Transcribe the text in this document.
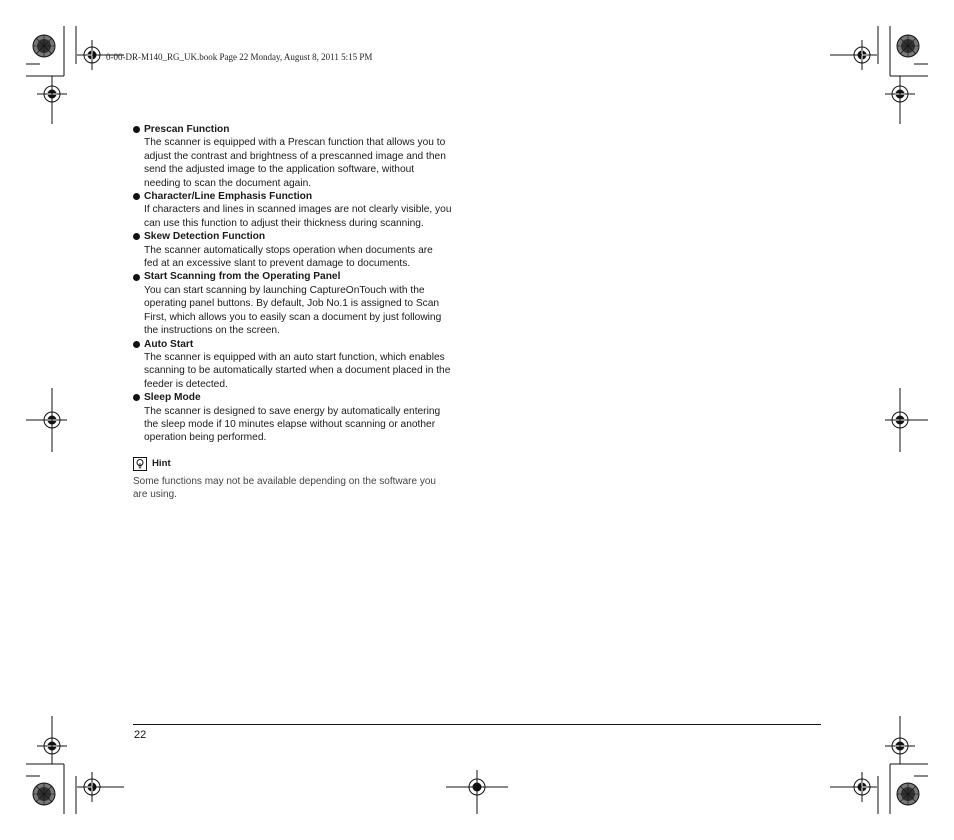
0-00-DR-M140_RG_UK.book Page 22 Monday, August 8, 2011 5:15 PM
Prescan Function
The scanner is equipped with a Prescan function that allows you to
adjust the contrast and brightness of a prescanned image and then
send the adjusted image to the application software, without
needing to scan the document again.
Character/Line Emphasis Function
If characters and lines in scanned images are not clearly visible, you
can use this function to adjust their thickness during scanning.
Skew Detection Function
The scanner automatically stops operation when documents are
fed at an excessive slant to prevent damage to documents.
Start Scanning from the Operating Panel
You can start scanning by launching CaptureOnTouch with the
operating panel buttons. By default, Job No.1 is assigned to Scan
First, which allows you to easily scan a document by just following
the instructions on the screen.
Auto Start
The scanner is equipped with an auto start function, which enables
scanning to be automatically started when a document placed in the
feeder is detected.
Sleep Mode
The scanner is designed to save energy by automatically entering
the sleep mode if 10 minutes elapse without scanning or another
operation being performed.
Hint
Some functions may not be available depending on the software you
are using.
22
